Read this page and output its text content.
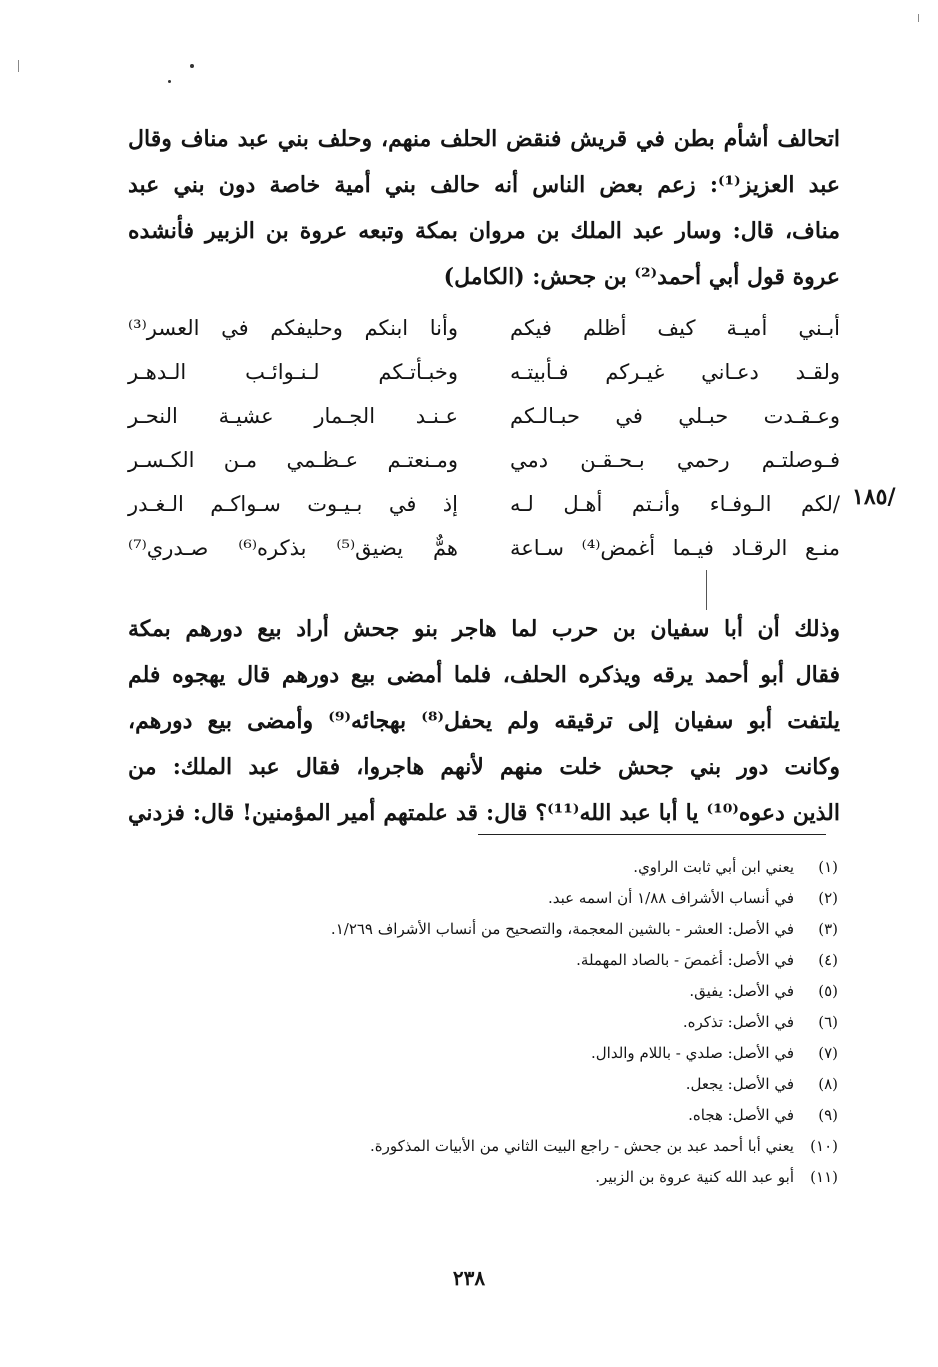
اتحالف أشأم بطن في قريش فنقض الحلف منهم، وحلف بني عبد مناف وقال
عبد العزيز⁽¹⁾: زعم بعض الناس أنه حالف بني أمية خاصة دون بني عبد
مناف، قال: وسار عبد الملك بن مروان بمكة وتبعه عروة بن الزبير فأنشده
عروة قول أبي أحمد⁽²⁾ بن جحش: (الكامل)
أبـني أميـة كيف أظلم فيكم
وأنا ابنكم وحليفكم في العسر⁽³⁾
ولقـد دعـاني غيـركم فـأبيتـه
وخبـأتـكم لـنـوائـب الـدهـر
وعـقـدت حبـلي في حبـالـكم
عـنـد الجـمار عشيـة النحـر
فـوصلتـم رحمي بـحـقـن دمي
ومـنعتـم عـظـمي مـن الكـسـر
/لكم الـوفـاء وأنـتم أهـل لـه
إذ في بـيـوت سـواكـم الـغـدر
منـع الرقـاد فيـما أغمض⁽⁴⁾ سـاعة
همٌّ يضيق⁽⁵⁾ بذكره⁽⁶⁾ صـدري⁽⁷⁾
/١٨٥
وذلك أن أبا سفيان بن حرب لما هاجر بنو جحش أراد بيع دورهم بمكة
فقال أبو أحمد يرقه ويذكره الحلف، فلما أمضى بيع دورهم قال يهجوه فلم
يلتفت أبو سفيان إلى ترقيقه ولم يحفل⁽⁸⁾ بهجائه⁽⁹⁾ وأمضى بيع دورهم،
وكانت دور بني جحش خلت منهم لأنهم هاجروا، فقال عبد الملك: من
الذين دعوه⁽¹⁰⁾ يا أبا عبد الله⁽¹¹⁾؟ قال: قد علمتهم أمير المؤمنين! قال: فزدني
(١)
يعني ابن أبي ثابت الراوي.
(٢)
في أنساب الأشراف ١/٨٨ أن اسمه عبد.
(٣)
في الأصل: العشر - بالشين المعجمة، والتصحيح من أنساب الأشراف ١/٢٦٩.
(٤)
في الأصل: أغمصَ - بالصاد المهملة.
(٥)
في الأصل: يفيق.
(٦)
في الأصل: تذكره.
(٧)
في الأصل: صلدي - باللام والدال.
(٨)
في الأصل: يجعل.
(٩)
في الأصل: هجاه.
(١٠)
يعني أبا أحمد عبد بن جحش - راجع البيت الثاني من الأبيات المذكورة.
(١١)
أبو عبد الله كنية عروة بن الزبير.
٢٣٨
